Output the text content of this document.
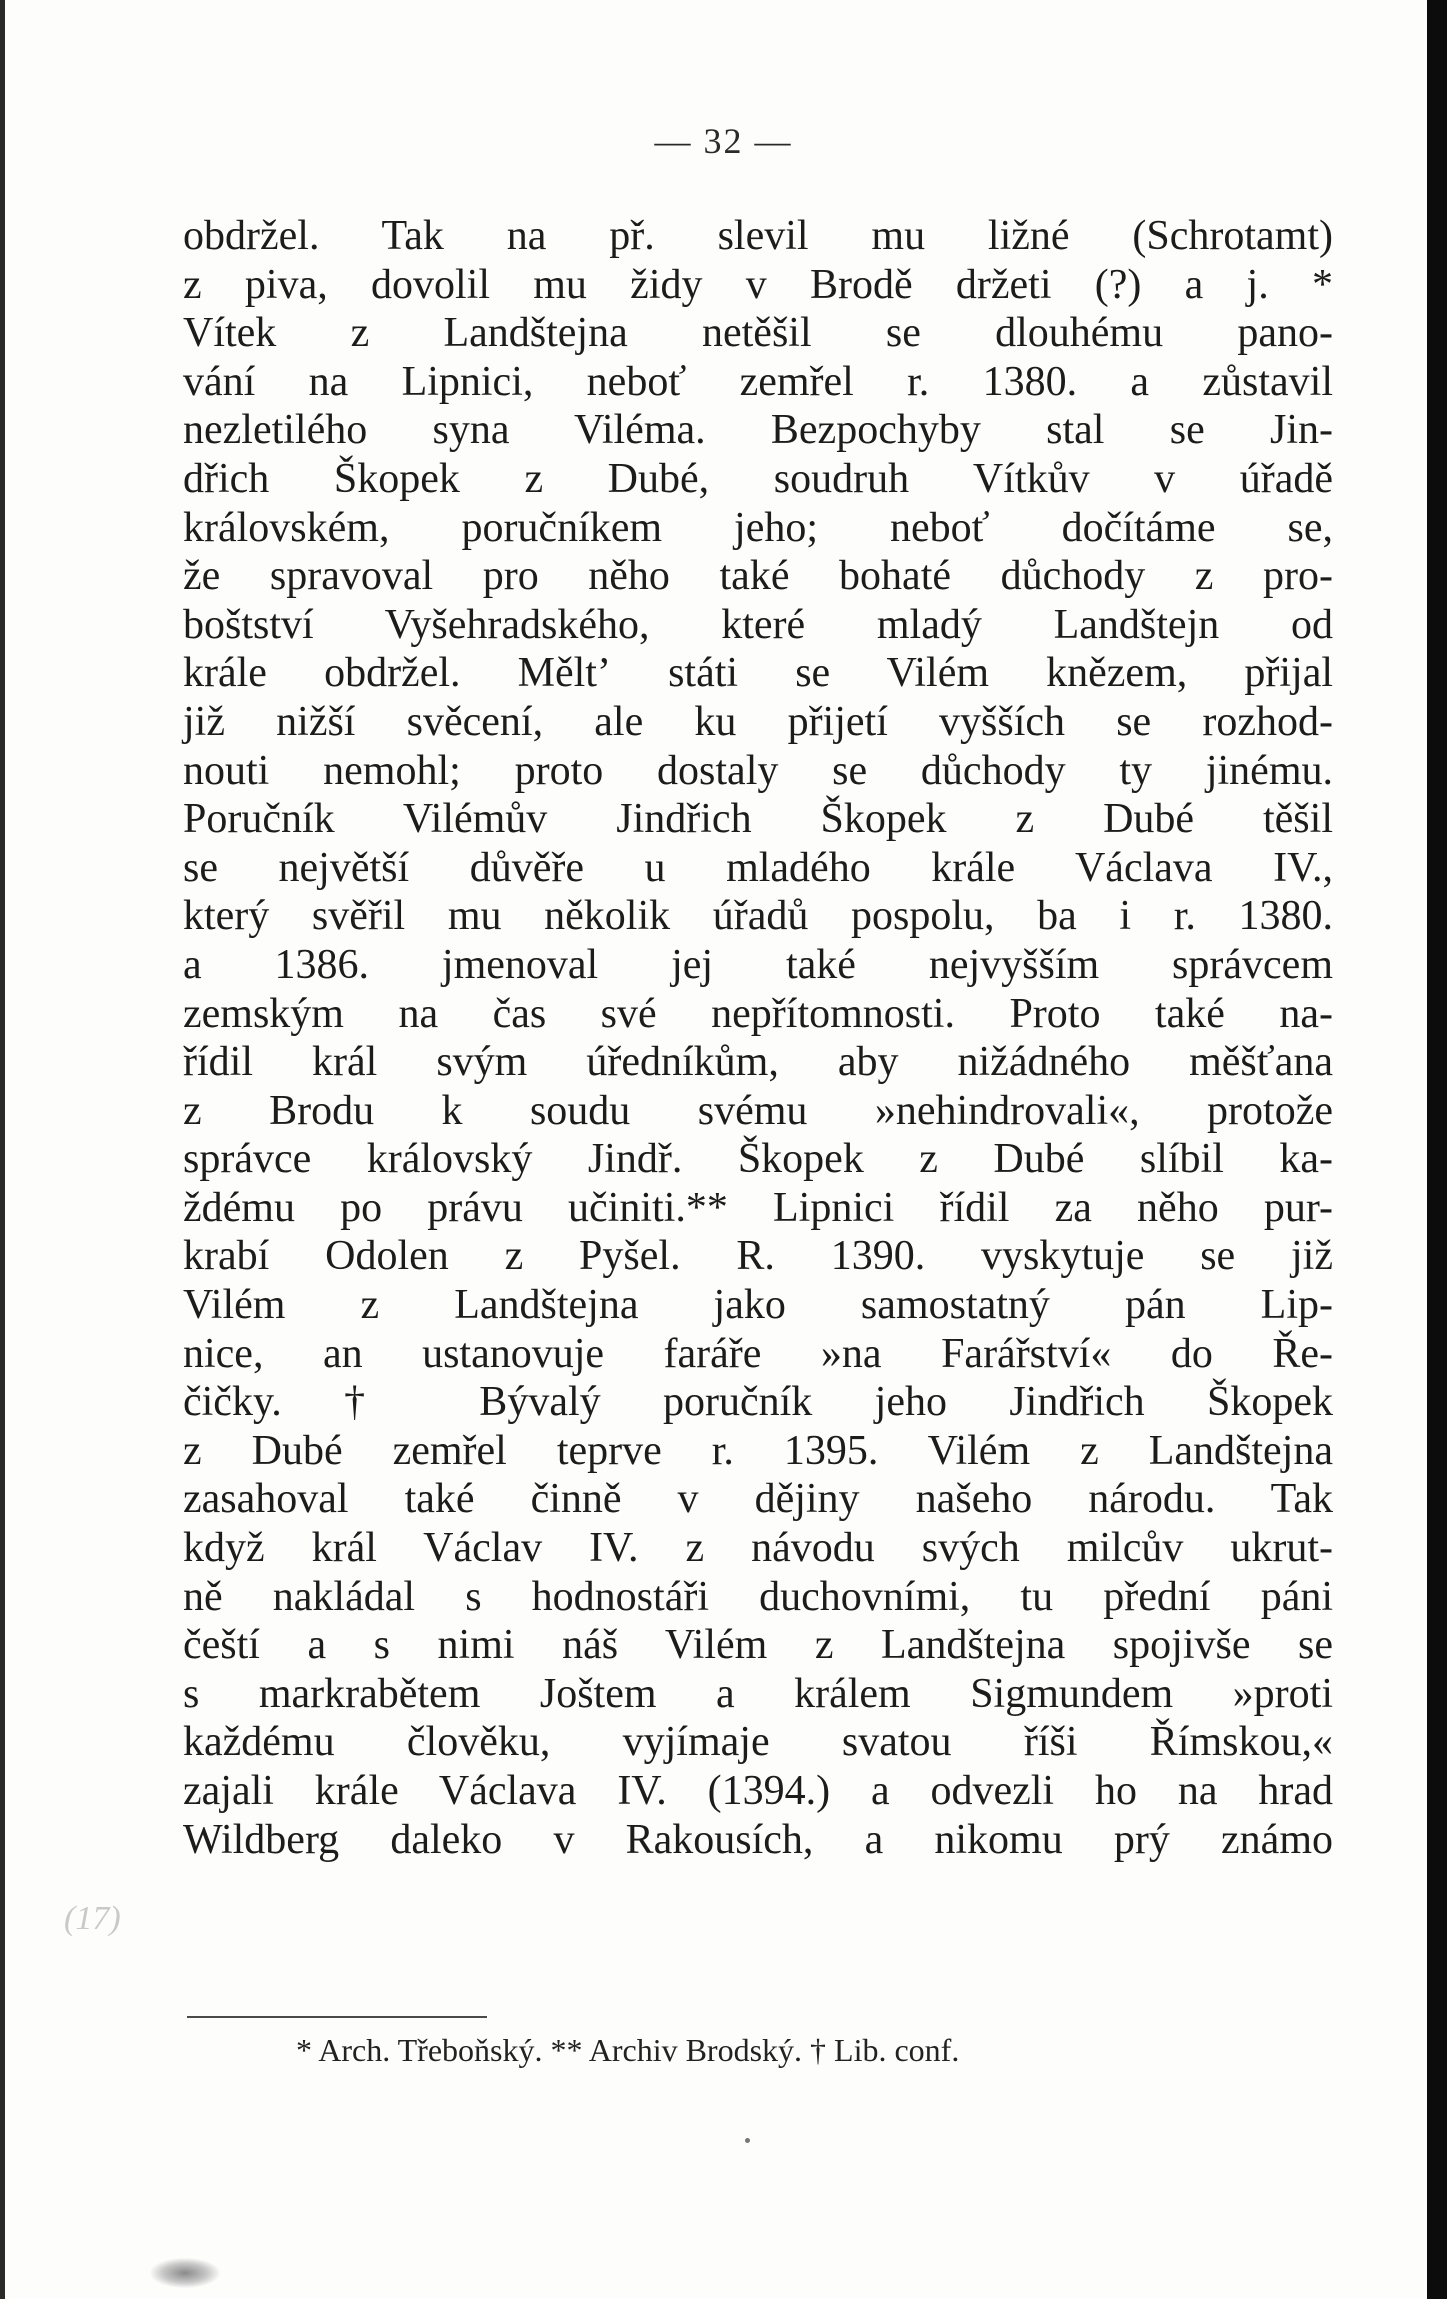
— 32 —
obdržel. Tak na př. slevil mu ližné (Schrotamt)
z piva, dovolil mu židy v Brodě držeti (?) a j. *
Vítek z Landštejna netěšil se dlouhému pano-
vání na Lipnici, neboť zemřel r. 1380. a zůstavil
nezletilého syna Viléma. Bezpochyby stal se Jin-
dřich Škopek z Dubé, soudruh Vítkův v úřadě
královském, poručníkem jeho; neboť dočítáme se,
že spravoval pro něho také bohaté důchody z pro-
boštství Vyšehradského, které mladý Landštejn od
krále obdržel. Měltʼ státi se Vilém knězem, přijal
již nižší svěcení, ale ku přijetí vyšších se rozhod-
nouti nemohl; proto dostaly se důchody ty jinému.
Poručník Vilémův Jindřich Škopek z Dubé těšil
se největší důvěře u mladého krále Václava IV.,
který svěřil mu několik úřadů pospolu, ba i r. 1380.
a 1386. jmenoval jej také nejvyšším správcem
zemským na čas své nepřítomnosti. Proto také na-
řídil král svým úředníkům, aby nižádného měšťana
z Brodu k soudu svému »nehindrovali«, protože
správce královský Jindř. Škopek z Dubé slíbil ka-
ždému po právu učiniti.** Lipnici řídil za něho pur-
krabí Odolen z Pyšel. R. 1390. vyskytuje se již
Vilém z Landštejna jako samostatný pán Lip-
nice, an ustanovuje faráře »na Farářství« do Ře-
čičky. † Bývalý poručník jeho Jindřich Škopek
z Dubé zemřel teprve r. 1395. Vilém z Landštejna
zasahoval také činně v dějiny našeho národu. Tak
když král Václav IV. z návodu svých milcův ukrut-
ně nakládal s hodnostáři duchovními, tu přední páni
čeští a s nimi náš Vilém z Landštejna spojivše se
s markrabětem Joštem a králem Sigmundem »proti
každému člověku, vyjímaje svatou říši Římskou,«
zajali krále Václava IV. (1394.) a odvezli ho na hrad
Wildberg daleko v Rakousích, a nikomu prý známo
(17)
* Arch. Třeboňský. ** Archiv Brodský. † Lib. conf.
